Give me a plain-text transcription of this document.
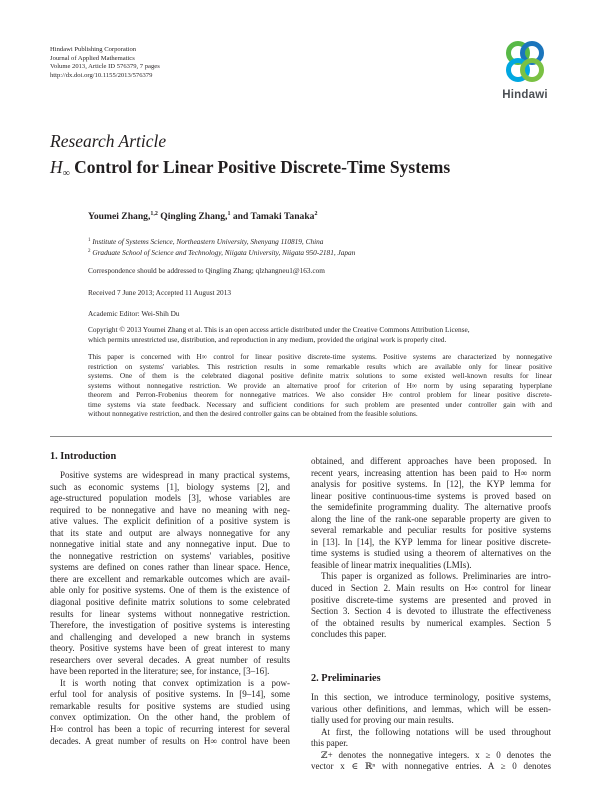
Hindawi Publishing Corporation
Journal of Applied Mathematics
Volume 2013, Article ID 576379, 7 pages
http://dx.doi.org/10.1155/2013/576379
Hindawi
Research Article
$H_\infty$ Control for Linear Positive Discrete-Time Systems
Youmei Zhang,$^{1,2}$ Qingling Zhang,$^1$ and Tamaki Tanaka$^2$
$^1$ Institute of Systems Science, Northeastern University, Shenyang 110819, China
$^2$ Graduate School of Science and Technology, Niigata University, Niigata 950-2181, Japan
Correspondence should be addressed to Qingling Zhang; qlzhangneu1@163.com
Received 7 June 2013; Accepted 11 August 2013
Academic Editor: Wei-Shih Du
Copyright © 2013 Youmei Zhang et al. This is an open access article distributed under the Creative Commons Attribution License,
which permits unrestricted use, distribution, and reproduction in any medium, provided the original work is properly cited.
This paper is concerned with H∞ control for linear positive discrete-time systems. Positive systems are characterized by nonnegative
restriction on systems' variables. This restriction results in some remarkable results which are available only for linear positive
systems. One of them is the celebrated diagonal positive definite matrix solutions to some existed well-known results for linear
systems without nonnegative restriction. We provide an alternative proof for criterion of H∞ norm by using separating hyperplane
theorem and Perron-Frobenius theorem for nonnegative matrices. We also consider H∞ control problem for linear positive discrete-
time systems via state feedback. Necessary and sufficient conditions for such problem are presented under controller gain with and
without nonnegative restriction, and then the desired controller gains can be obtained from the feasible solutions.
1. Introduction
2. Preliminaries
Positive systems are widespread in many practical systems,
such as economic systems [1], biology systems [2], and
age-structured population models [3], whose variables are
required to be nonnegative and have no meaning with neg-
ative values. The explicit definition of a positive system is
that its state and output are always nonnegative for any
nonnegative initial state and any nonnegative input. Due to
the nonnegative restriction on systems' variables, positive
systems are defined on cones rather than linear space. Hence,
there are excellent and remarkable outcomes which are avail-
able only for positive systems. One of them is the existence of
diagonal positive definite matrix solutions to some celebrated
results for linear systems without nonnegative restriction.
Therefore, the investigation of positive systems is interesting
and challenging and developed a new branch in systems
theory. Positive systems have been of great interest to many
researchers over several decades. A great number of results
have been reported in the literature; see, for instance, [3–16].
It is worth noting that convex optimization is a pow-
erful tool for analysis of positive systems. In [9–14], some
remarkable results for positive systems are studied using
convex optimization. On the other hand, the problem of
H∞ control has been a topic of recurring interest for several
decades. A great number of results on H∞ control have been
obtained, and different approaches have been proposed. In
recent years, increasing attention has been paid to H∞ norm
analysis for positive systems. In [12], the KYP lemma for
linear positive continuous-time systems is proved based on
the semidefinite programming duality. The alternative proofs
along the line of the rank-one separable property are given to
several remarkable and peculiar results for positive systems
in [13]. In [14], the KYP lemma for linear positive discrete-
time systems is studied using a theorem of alternatives on the
feasible of linear matrix inequalities (LMIs).
This paper is organized as follows. Preliminaries are intro-
duced in Section 2. Main results on H∞ control for linear
positive discrete-time systems are presented and proved in
Section 3. Section 4 is devoted to illustrate the effectiveness
of the obtained results by numerical examples. Section 5
concludes this paper.
In this section, we introduce terminology, positive systems,
various other definitions, and lemmas, which will be essen-
tially used for proving our main results.
At first, the following notations will be used throughout
this paper.
ℤ+ denotes the nonnegative integers. x ≥ 0 denotes the
vector x ∈ ℝⁿ with nonnegative entries. A ≥ 0 denotes
